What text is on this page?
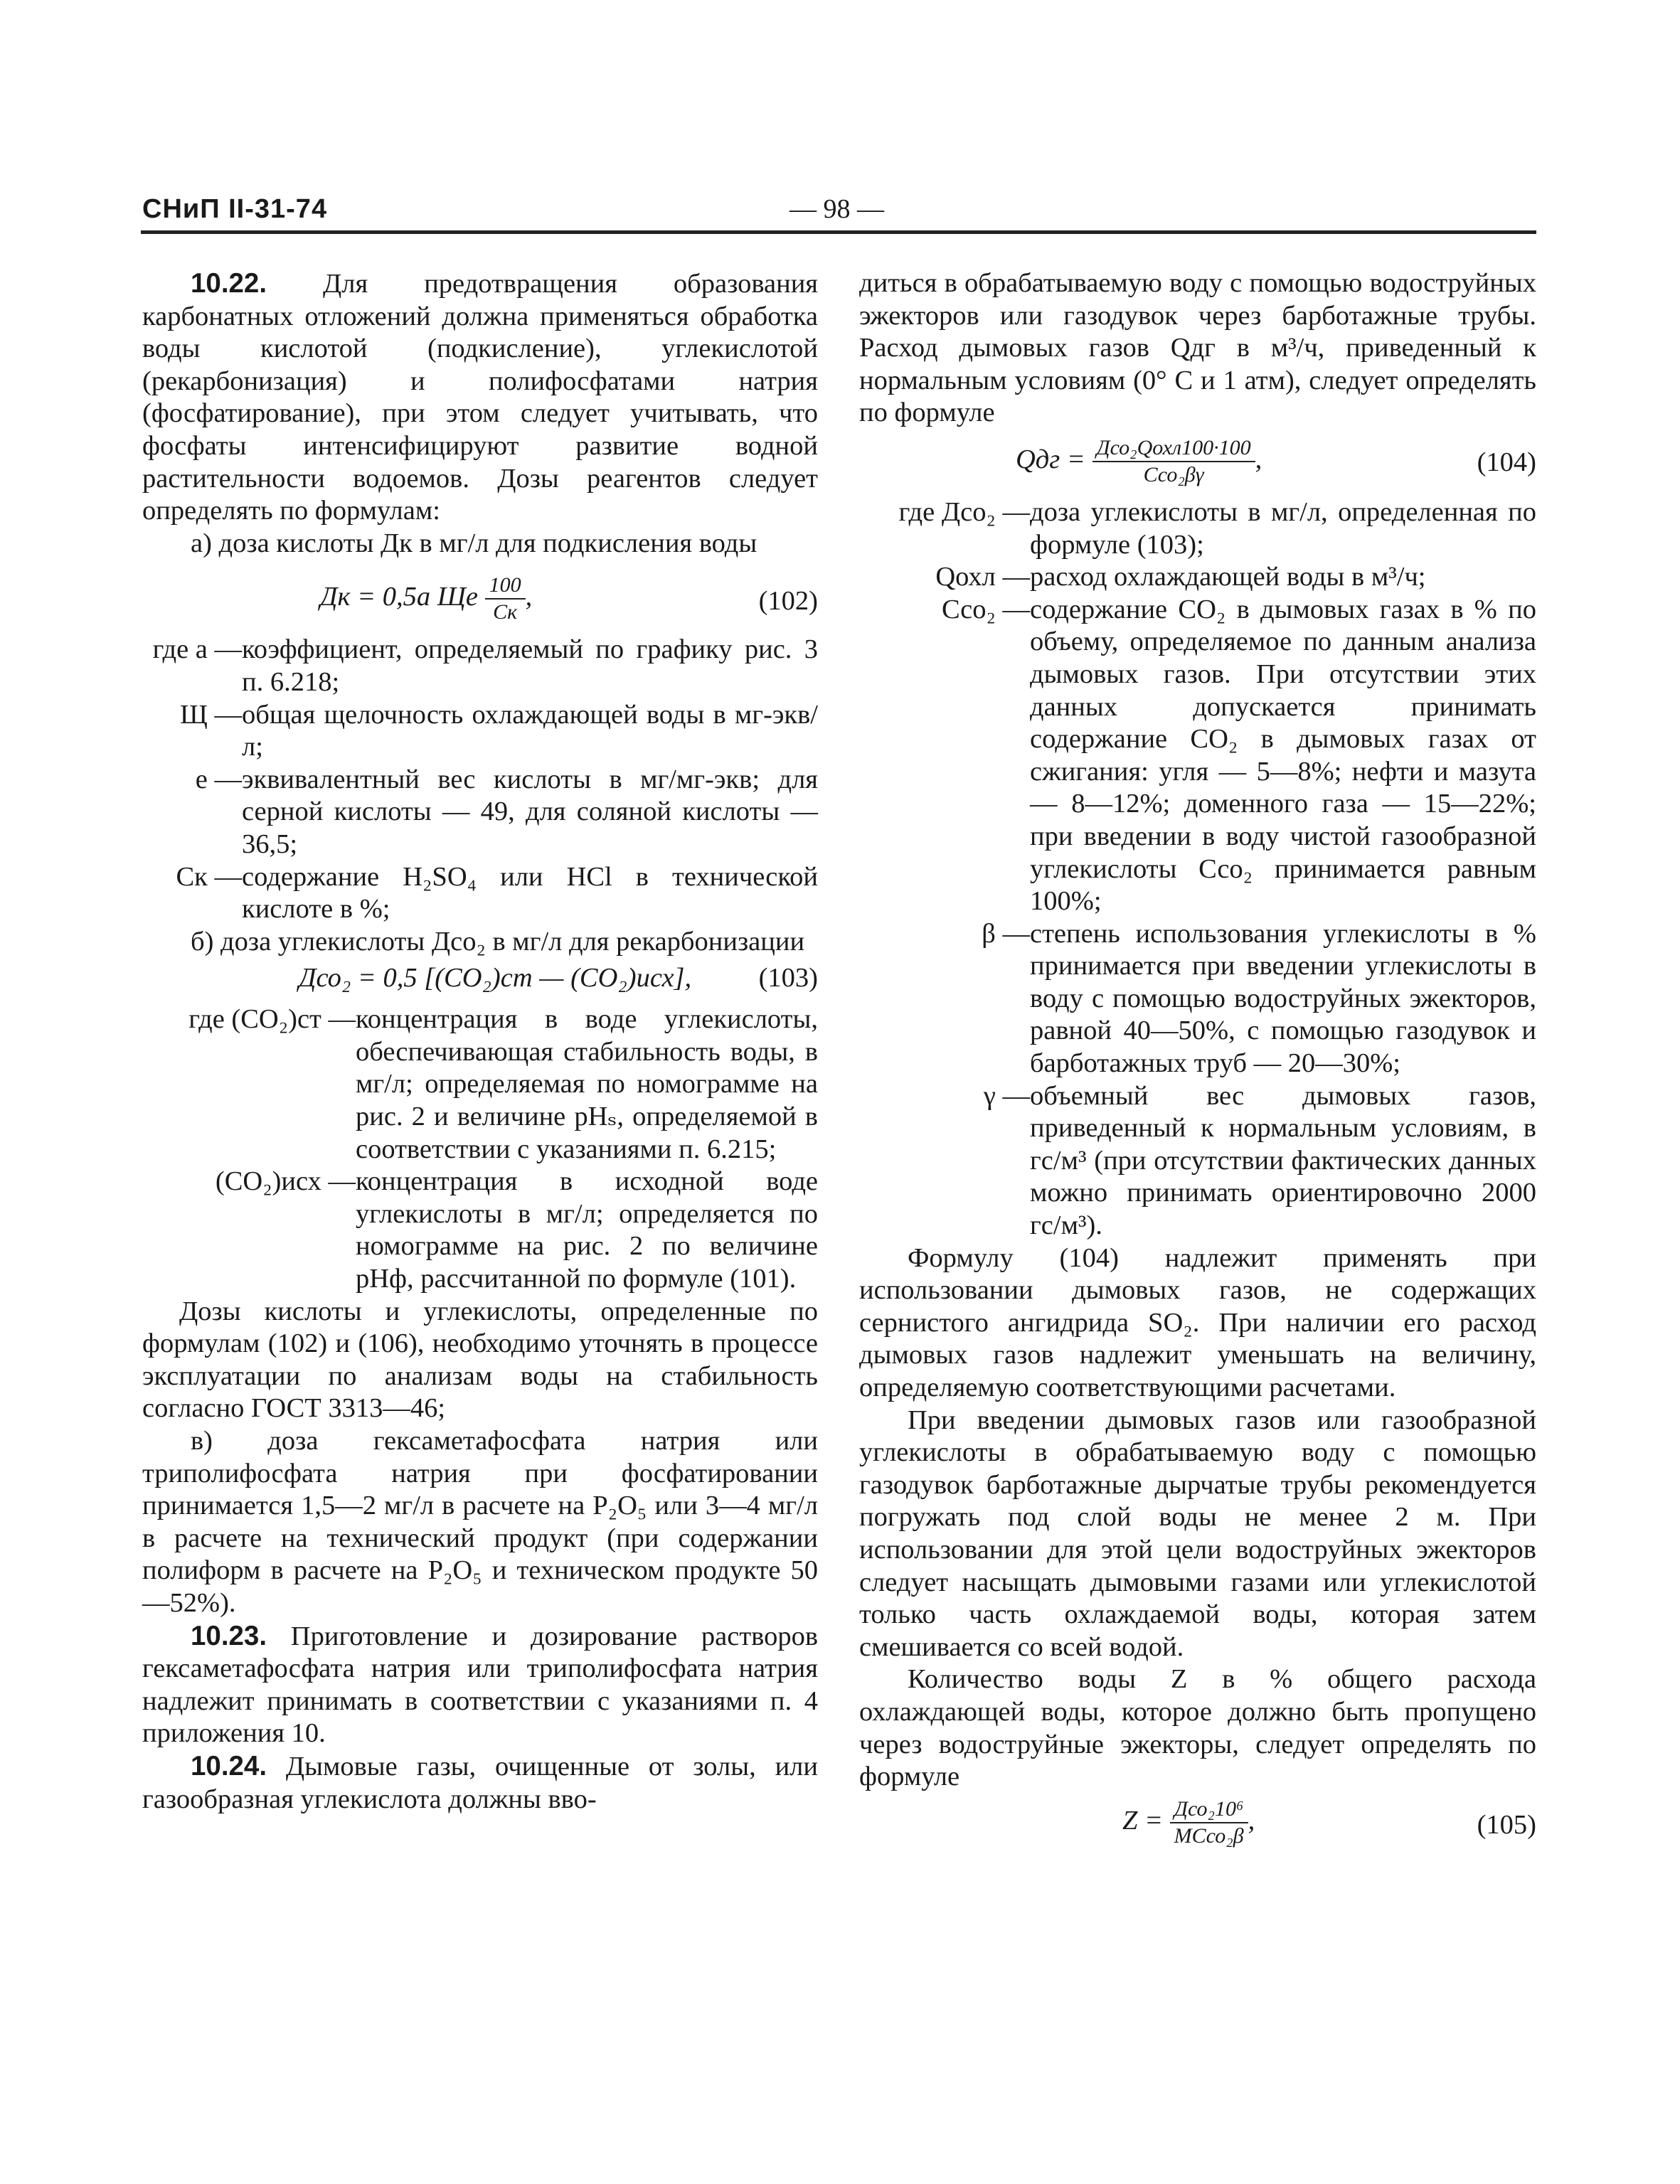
СНиП II-31-74	— 98 —

10.22. Для предотвращения образования карбонатных отложений должна применяться обработка воды кислотой (подкисление), углекислотой (рекарбонизация) и полифосфатами натрия (фосфатирование), при этом следует учитывать, что фосфаты интенсифицируют развитие водной растительности водоемов. Дозы реагентов следует определять по формулам:

а) доза кислоты Дк в мг/л для подкисления воды

Дк = 0,5a Ще $\frac{100}{Ск}$ ,	(102)
где a — коэффициент, определяемый по графику рис. 3 п. 6.218;
Щ — общая щелочность охлаждающей воды в мг-экв/л;
e — эквивалентный вес кислоты в мг/мг-экв; для серной кислоты — 49, для соляной кислоты — 36,5;
Ск — содержание H₂SO₄ или HCl в технической кислоте в %;

б) доза углекислоты Дсо₂ в мг/л для рекарбонизации

Дсо₂ = 0,5 [(CO₂)ст — (CO₂)исх], (103)
где (CO₂)ст — концентрация в воде углекислоты, обеспечивающая стабильность воды, в мг/л; определяемая по номограмме на рис. 2 и величине pHₛ, определяемой в соответствии с указаниями п. 6.215;
(CO₂)исх — концентрация в исходной воде углекислоты в мг/л; определяется по номограмме на рис. 2 по величине pHф, рассчитанной по формуле (101).

Дозы кислоты и углекислоты, определенные по формулам (102) и (106), необходимо уточнять в процессе эксплуатации по анализам воды на стабильность согласно ГОСТ 3313—46;

в) доза гексаметафосфата натрия или триполифосфата натрия при фосфатировании принимается 1,5—2 мг/л в расчете на P₂O₅ или 3—4 мг/л в расчете на технический продукт (при содержании полиформ в расчете на P₂O₅ и техническом продукте 50—52%).

10.23. Приготовление и дозирование растворов гексаметафосфата натрия или триполифосфата натрия надлежит принимать в соответствии с указаниями п. 4 приложения 10.

10.24. Дымовые газы, очищенные от золы, или газообразная углекислота должны вво-

диться в обрабатываемую воду с помощью водоструйных эжекторов или газодувок через барботажные трубы. Расход дымовых газов Qдг в м³/ч, приведенный к нормальным условиям (0° С и 1 атм), следует определять по формуле

Qдг = $\frac{\text{Дсо₂Qохл100·100}}{\text{Ссо₂βγ}}$ ,	(104)
где Дсо₂ — доза углекислоты в мг/л, определенная по формуле (103);
Qохл — расход охлаждающей воды в м³/ч;
Ссо₂ — содержание CO₂ в дымовых газах в % по объему, определяемое по данным анализа дымовых газов. При отсутствии этих данных допускается принимать содержание CO₂ в дымовых газах от сжигания: угля — 5—8%; нефти и мазута — 8—12%; доменного газа — 15—22%; при введении в воду чистой газообразной углекислоты Ссо₂ принимается равным 100%;
β — степень использования углекислоты в % принимается при введении углекислоты в воду с помощью водоструйных эжекторов, равной 40—50%, с помощью газодувок и барботажных труб — 20—30%;
γ — объемный вес дымовых газов, приведенный к нормальным условиям, в гс/м³ (при отсутствии фактических данных можно принимать ориентировочно 2000 гс/м³).

Формулу (104) надлежит применять при использовании дымовых газов, не содержащих сернистого ангидрида SO₂. При наличии его расход дымовых газов надлежит уменьшать на величину, определяемую соответствующими расчетами.

При введении дымовых газов или газообразной углекислоты в обрабатываемую воду с помощью газодувок барботажные дырчатые трубы рекомендуется погружать под слой воды не менее 2 м. При использовании для этой цели водоструйных эжекторов следует насыщать дымовыми газами или углекислотой только часть охлаждаемой воды, которая затем смешивается со всей водой.

Количество воды Z в % общего расхода охлаждающей воды, которое должно быть пропущено через водоструйные эжекторы, следует определять по формуле

$Z = \frac{\text{Дсо₂10⁶}}{\text{MCсо₂β}}$ ,	(105)
